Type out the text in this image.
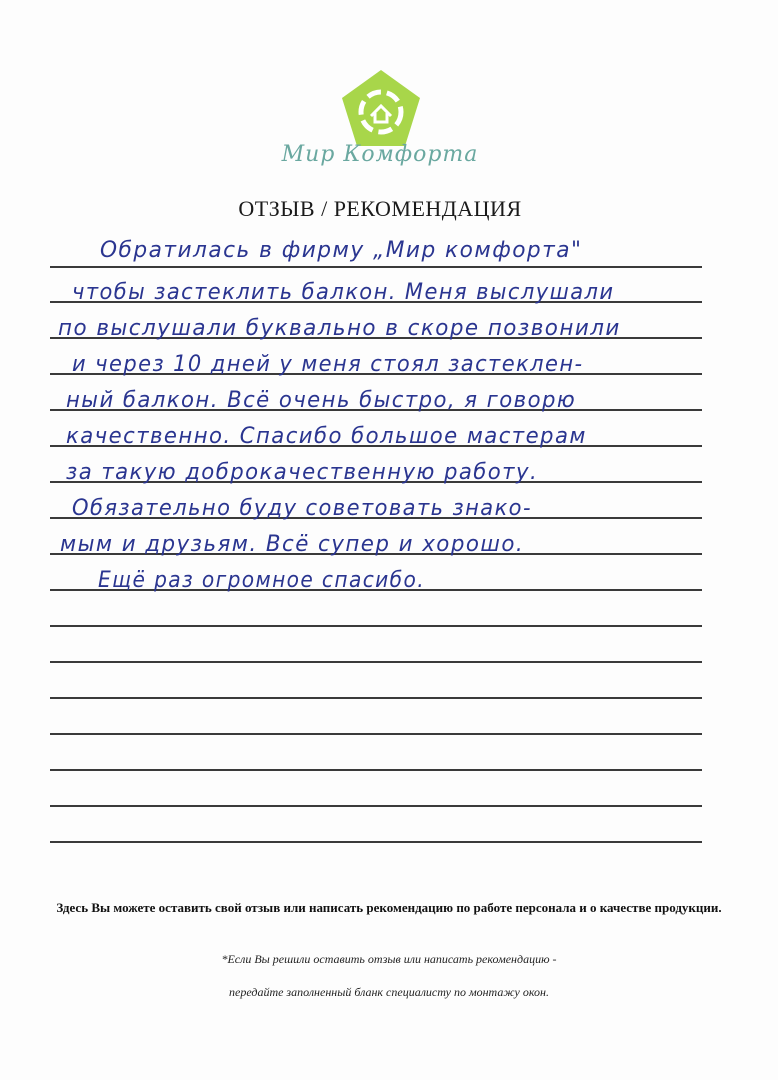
Мир Комфорта
ОТЗЫВ / РЕКОМЕНДАЦИЯ
Обратилась в фирму „Мир комфорта"
чтобы застеклить балкон. Меня выслушали
по выслушали буквально в скоре позвонили
и через 10 дней у меня стоял застеклен-
ный балкон. Всё очень быстро, я говорю
качественно. Спасибо большое мастерам
за такую доброкачественную работу.
Обязательно буду советовать знако-
мым и друзьям. Всё супер и хорошо.
Ещё раз огромное спасибо.
Здесь Вы можете оставить свой отзыв или написать рекомендацию по работе персонала и о качестве продукции.
*Если Вы решили оставить отзыв или написать рекомендацию -
передайте заполненный бланк специалисту по монтажу окон.
